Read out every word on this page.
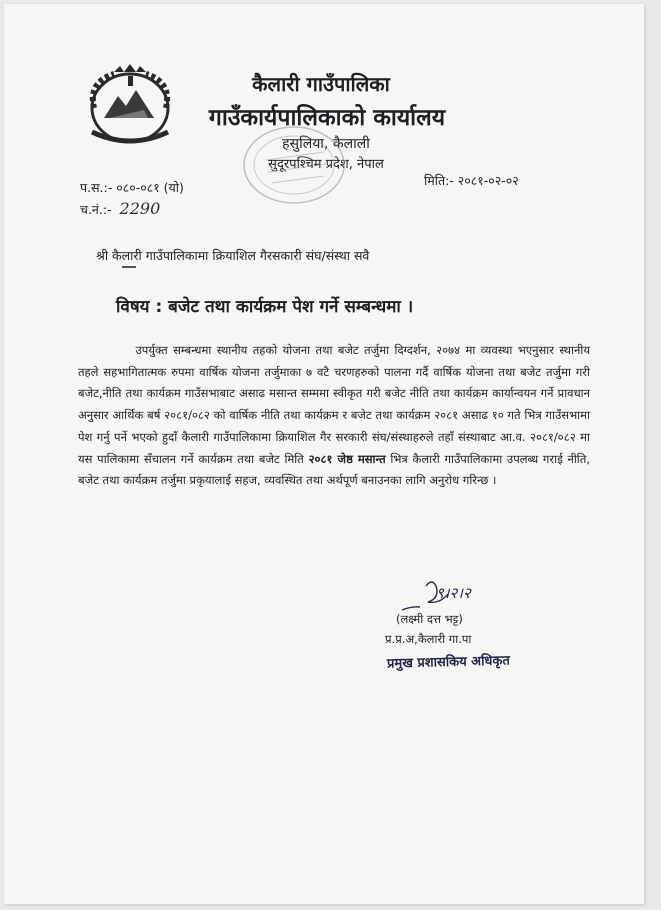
कैलारी गाउँपालिका
गाउँकार्यपालिकाको कार्यालय
हसुलिया, कैलाली
सुदूरपश्चिम प्रदेश, नेपाल
प.स.:- ०८०-०८१ (यो)
च.नं.:- 2290
मिति:- २०८१-०२-०२
श्री कैलारी गाउँपालिकामा क्रियाशिल गैरसकारी संघ/संस्था सवै
विषय : बजेट तथा कार्यक्रम पेश गर्ने सम्बन्धमा ।

     उपर्युक्त सम्बन्धमा स्थानीय तहको योजना तथा बजेट तर्जुमा दिग्दर्शन, २०७४ मा व्यवस्था भएनुसार स्थानीय तहले सहभागितात्मक रुपमा वार्षिक योजना तर्जुमाका ७ वटै चरणहरुको पालना गर्दै वार्षिक योजना तथा बजेट तर्जुमा गरी बजेट,नीति तथा कार्यक्रम गाउँसभाबाट असाढ मसान्त सम्ममा स्वीकृत गरी बजेट नीति तथा कार्यक्रम कार्यान्वयन गर्ने प्रावधान अनुसार आर्थिक बर्ष २०८१/०८२ को वार्षिक नीति तथा कार्यक्रम र बजेट तथा कार्यक्रम २०८१ असाढ १० गते भित्र गाउँसभामा पेश गर्नु पर्ने भएको हुदाँ कैलारी गाउँपालिकामा क्रियाशिल गैर सरकारी संघ/संस्थाहरुले तहाँ संस्थाबाट आ.व. २०८१/०८२ मा यस पालिकामा सँचालन गर्ने कार्यक्रम तथा बजेट मिति २०८१ जेष्ठ मसान्त भित्र कैलारी गाउँपालिकामा उपलब्ध गराई नीति, बजेट तथा कार्यक्रम तर्जुमा प्रकृयालाई सहज, व्यवस्थित तथा अर्थपूर्ण बनाउनका लागि अनुरोध गरिन्छ ।

९।२।२
(लक्ष्मी दत्त भट्ट)
प्र.प्र.अ,कैलारी गा.पा
प्रमुख प्रशासकिय अधिकृत
